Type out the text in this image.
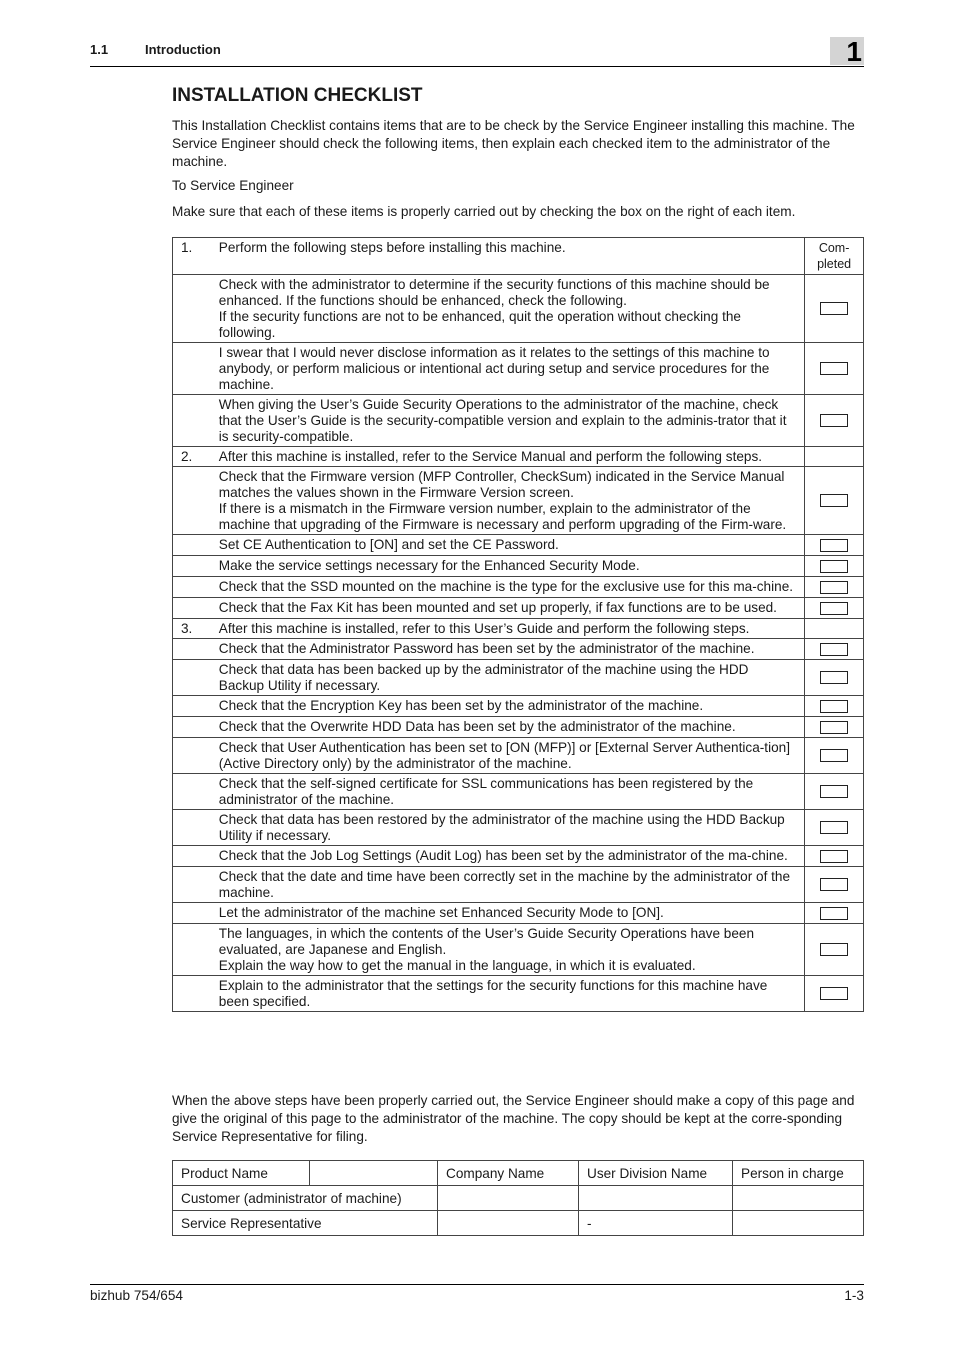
1.1	Introduction	1
INSTALLATION CHECKLIST

This Installation Checklist contains items that are to be check by the Service Engineer installing this machine. The Service Engineer should check the following items, then explain each checked item to the administrator of the machine.

To Service Engineer

Make sure that each of these items is properly carried out by checking the box on the right of each item.

1.	Perform the following steps before installing this machine.	Com-
pleted

	Check with the administrator to determine if the security functions of this machine should be enhanced. If the functions should be enhanced, check the following.
If the security functions are not to be enhanced, quit the operation without checking the following.	
	I swear that I would never disclose information as it relates to the settings of this machine to anybody, or perform malicious or intentional act during setup and service procedures for the machine.	
	When giving the User’s Guide Security Operations to the administrator of the machine, check that the User’s Guide is the security-compatible version and explain to the adminis-trator that it is security-compatible.	
2.	After this machine is installed, refer to the Service Manual and perform the following steps.	
	Check that the Firmware version (MFP Controller, CheckSum) indicated in the Service Manual matches the values shown in the Firmware Version screen.
If there is a mismatch in the Firmware version number, explain to the administrator of the machine that upgrading of the Firmware is necessary and perform upgrading of the Firm-ware.	
	Set CE Authentication to [ON] and set the CE Password.	
	Make the service settings necessary for the Enhanced Security Mode.	
	Check that the SSD mounted on the machine is the type for the exclusive use for this ma-chine.	
	Check that the Fax Kit has been mounted and set up properly, if fax functions are to be used.	
3.	After this machine is installed, refer to this User’s Guide and perform the following steps.	
	Check that the Administrator Password has been set by the administrator of the machine.	
	Check that data has been backed up by the administrator of the machine using the HDD Backup Utility if necessary.	
	Check that the Encryption Key has been set by the administrator of the machine.	
	Check that the Overwrite HDD Data has been set by the administrator of the machine.	
	Check that User Authentication has been set to [ON (MFP)] or [External Server Authentica-tion] (Active Directory only) by the administrator of the machine.	
	Check that the self-signed certificate for SSL communications has been registered by the administrator of the machine.	
	Check that data has been restored by the administrator of the machine using the HDD Backup Utility if necessary.	
	Check that the Job Log Settings (Audit Log) has been set by the administrator of the ma-chine.	
	Check that the date and time have been correctly set in the machine by the administrator of the machine.	
	Let the administrator of the machine set Enhanced Security Mode to [ON].	
	The languages, in which the contents of the User’s Guide Security Operations have been evaluated, are Japanese and English.
Explain the way how to get the manual in the language, in which it is evaluated.	
	Explain to the administrator that the settings for the security functions for this machine have been specified.	

When the above steps have been properly carried out, the Service Engineer should make a copy of this page and give the original of this page to the administrator of the machine. The copy should be kept at the corre-sponding Service Representative for filing.

Product Name		Company Name	User Division Name	Person in charge
Customer (administrator of machine)				
Service Representative			-	
bizhub 754/654	1-3
